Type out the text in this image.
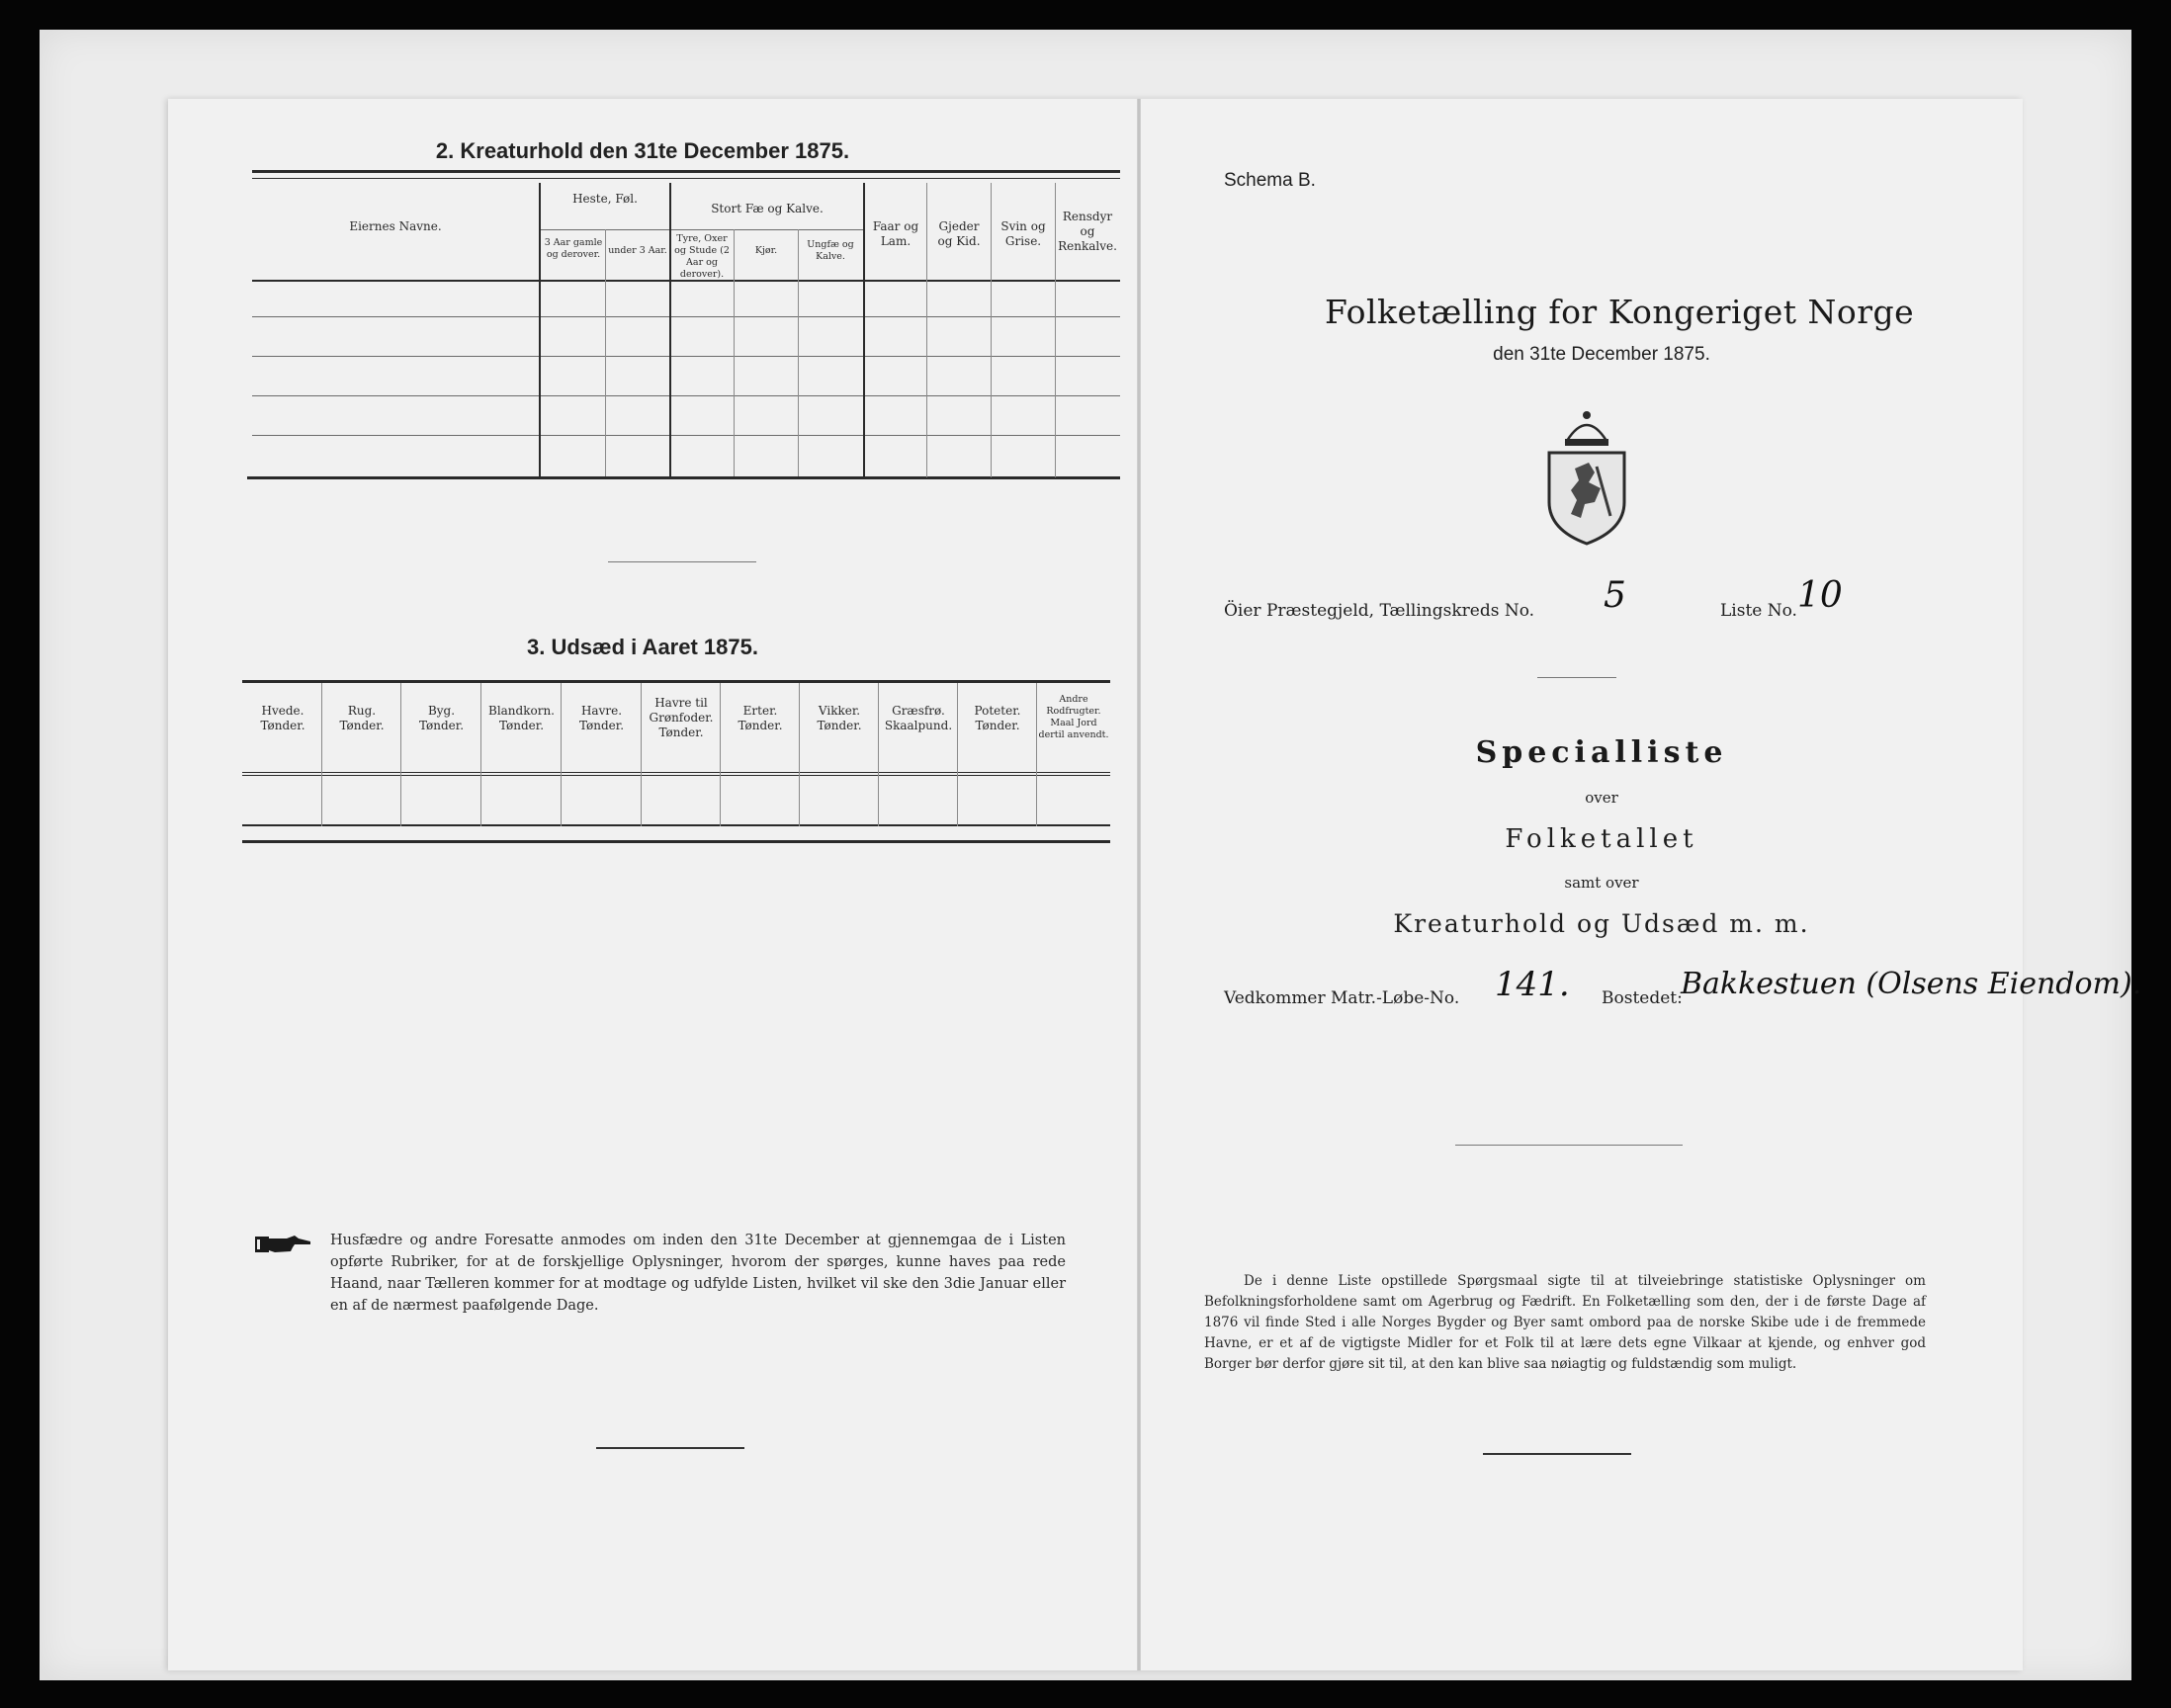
2. Kreaturhold den 31te December 1875.
Eiernes Navne.
Heste, Føl.
3 Aar gamle og derover. under 3 Aar.
Stort Fæ og Kalve.
Tyre, Oxer og Stude (2 Aar og derover).
Kjør.
Ungfæ og Kalve.
Faar og Lam.
Gjeder og Kid.
Svin og Grise.
Rensdyr og Renkalve.
3. Udsæd i Aaret 1875.
Hvede.
Tønder.
Rug.
Tønder.
Byg.
Tønder.
Blandkorn.
Tønder.
Havre.
Tønder.
Havre til Grønfoder.
Tønder.
Erter.
Tønder.
Vikker.
Tønder.
Græsfrø.
Skaalpund.
Poteter.
Tønder.
Andre Rodfrugter.
Maal Jord dertil anvendt.
Husfædre og andre Foresatte anmodes om inden den 31te December at gjennemgaa de i Listen opførte Rubriker, for at de forskjellige Oplysninger, hvorom der spørges, kunne haves paa rede Haand, naar Tælleren kommer for at modtage og udfylde Listen, hvilket vil ske den 3die Januar eller en af de nærmest paafølgende Dage.
Schema B.
Folketælling for Kongeriget Norge
den 31te December 1875.
Öier Præstegjeld, Tællingskreds No. 5	Liste No. 10
Specialliste
over
Folketallet
samt over
Kreaturhold og Udsæd m. m.
Vedkommer Matr.-Løbe-No. 141. Bostedet:
Bakkestuen (Olsens Eiendom).
De i denne Liste opstillede Spørgsmaal sigte til at tilveiebringe statistiske Oplysninger om Befolkningsforholdene samt om Agerbrug og Fædrift. En Folketælling som den, der i de første Dage af 1876 vil finde Sted i alle Norges Bygder og Byer samt ombord paa de norske Skibe ude i de fremmede Havne, er et af de vigtigste Midler for et Folk til at lære dets egne Vilkaar at kjende, og enhver god Borger bør derfor gjøre sit til, at den kan blive saa nøiagtig og fuldstændig som muligt.
